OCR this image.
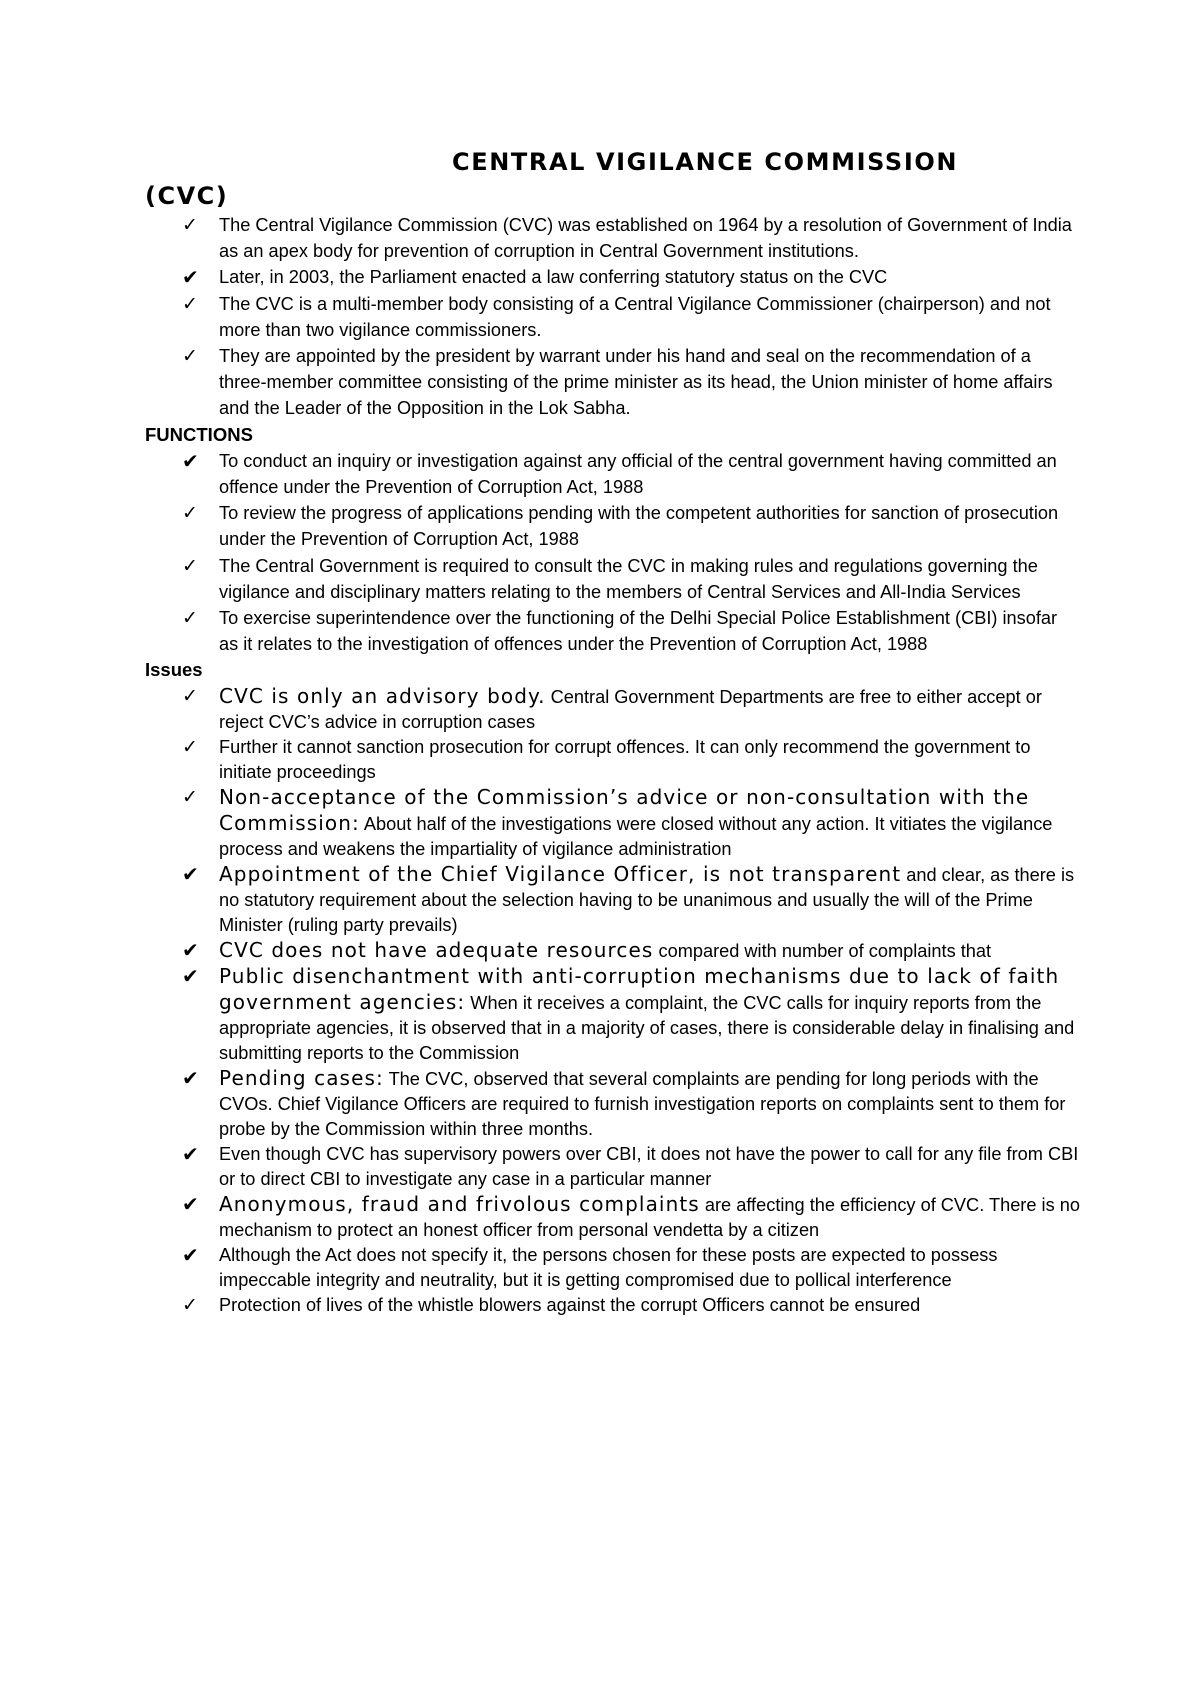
CENTRAL VIGILANCE COMMISSION
(CVC)
✓	The Central Vigilance Commission (CVC) was established on 1964 by a resolution of Government of India as an apex body for prevention of corruption in Central Government institutions.
✔ Later, in 2003, the Parliament enacted a law conferring statutory status on the CVC
✓	The CVC is a multi-member body consisting of a Central Vigilance Commissioner (chairperson) and not more than two vigilance commissioners.
✓	They are appointed by the president by warrant under his hand and seal on the recommendation of a three-member committee consisting of the prime minister as its head, the Union minister of home affairs and the Leader of the Opposition in the Lok Sabha.
FUNCTIONS
✔ To conduct an inquiry or investigation against any official of the central government having committed an offence under the Prevention of Corruption Act, 1988
✓	To review the progress of applications pending with the competent authorities for sanction of prosecution under the Prevention of Corruption Act, 1988
✓	The Central Government is required to consult the CVC in making rules and regulations governing the vigilance and disciplinary matters relating to the members of Central Services and All-India Services
✓	To exercise superintendence over the functioning of the Delhi Special Police Establishment (CBI) insofar as it relates to the investigation of offences under the Prevention of Corruption Act, 1988
Issues
✓	CVC is only an advisory body. Central Government Departments are free to either accept or reject CVC’s advice in corruption cases
✓	Further it cannot sanction prosecution for corrupt offences. It can only recommend the government to initiate proceedings
✓	Non-acceptance of the Commission’s advice or non-consultation with the Commission: About half of the investigations were closed without any action. It vitiates the vigilance process and weakens the impartiality of vigilance administration
✔ Appointment of the Chief Vigilance Officer, is not transparent and clear, as there is no statutory requirement about the selection having to be unanimous and usually the will of the Prime Minister (ruling party prevails)
✔ CVC does not have adequate resources compared with number of complaints that
✔ Public disenchantment with anti-corruption mechanisms due to lack of faith government agencies: When it receives a complaint, the CVC calls for inquiry reports from the appropriate agencies, it is observed that in a majority of cases, there is considerable delay in finalising and submitting reports to the Commission
✔ Pending cases: The CVC, observed that several complaints are pending for long periods with the CVOs. Chief Vigilance Officers are required to furnish investigation reports on complaints sent to them for probe by the Commission within three months.
✔ Even though CVC has supervisory powers over CBI, it does not have the power to call for any file from CBI or to direct CBI to investigate any case in a particular manner
✔ Anonymous, fraud and frivolous complaints are affecting the efficiency of CVC. There is no mechanism to protect an honest officer from personal vendetta by a citizen
✔ Although the Act does not specify it, the persons chosen for these posts are expected to possess impeccable integrity and neutrality, but it is getting compromised due to pollical interference
✓	Protection of lives of the whistle blowers against the corrupt Officers cannot be ensured
